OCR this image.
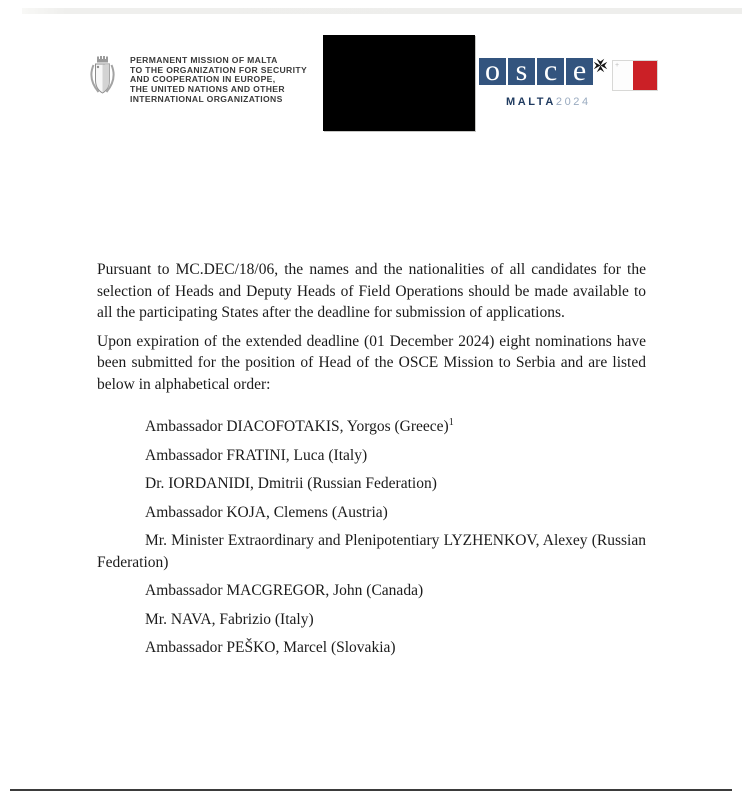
PERMANENT MISSION OF MALTA
TO THE ORGANIZATION FOR SECURITY
AND COOPERATION IN EUROPE,
THE UNITED NATIONS AND OTHER
INTERNATIONAL ORGANIZATIONS
o s c e	+
MALTA2024

Pursuant to MC.DEC/18/06, the names and the nationalities of all candidates for the selection of Heads and Deputy Heads of Field Operations should be made available to all the participating States after the deadline for submission of applications.

Upon expiration of the extended deadline (01 December 2024) eight nominations have been submitted for the position of Head of the OSCE Mission to Serbia and are listed below in alphabetical order:

Ambassador DIACOFOTAKIS, Yorgos (Greece)$^1$

Ambassador FRATINI, Luca (Italy)

Dr. IORDANIDI, Dmitrii (Russian Federation)

Ambassador KOJA, Clemens (Austria)

Mr. Minister Extraordinary and Plenipotentiary LYZHENKOV, Alexey (Russian Federation)

Ambassador MACGREGOR, John (Canada)

Mr. NAVA, Fabrizio (Italy)

Ambassador PEŠKO, Marcel (Slovakia)
